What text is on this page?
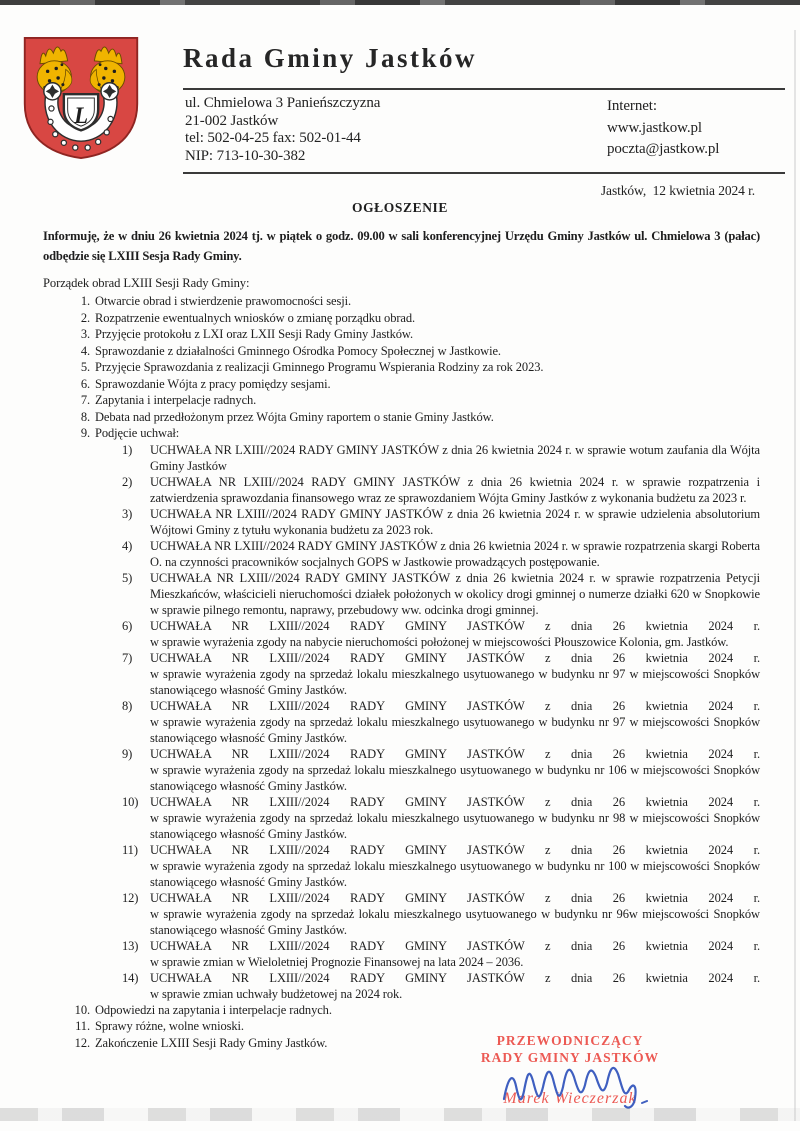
L
Rada Gminy Jastków
ul. Chmielowa 3 Panieńszczyzna
21-002 Jastków
tel: 502-04-25 fax: 502-01-44
NIP: 713-10-30-382
Internet:
www.jastkow.pl
poczta@jastkow.pl
Jastków,  12 kwietnia 2024 r.
OGŁOSZENIE

Informuję, że w dniu 26 kwietnia 2024 tj. w piątek o godz. 09.00 w sali konferencyjnej Urzędu Gminy Jastków ul. Chmielowa 3 (pałac) odbędzie się LXIII Sesja Rady Gminy.

Porządek obrad LXIII Sesji Rady Gminy:

1. Otwarcie obrad i stwierdzenie prawomocności sesji.
2. Rozpatrzenie ewentualnych wniosków o zmianę porządku obrad.
3. Przyjęcie protokołu z LXI oraz LXII Sesji Rady Gminy Jastków.
4. Sprawozdanie z działalności Gminnego Ośrodka Pomocy Społecznej w Jastkowie.
5. Przyjęcie Sprawozdania z realizacji Gminnego Programu Wspierania Rodziny za rok 2023.
6. Sprawozdanie Wójta z pracy pomiędzy sesjami.
7. Zapytania i interpelacje radnych.
8. Debata nad przedłożonym przez Wójta Gminy raportem o stanie Gminy Jastków.
9. Podjęcie uchwał:
1) UCHWAŁA NR LXIII//2024 RADY GMINY JASTKÓW z dnia 26 kwietnia 2024 r. w sprawie wotum zaufania dla Wójta Gminy Jastków

2) UCHWAŁA NR LXIII//2024 RADY GMINY JASTKÓW z dnia 26 kwietnia 2024 r. w sprawie rozpatrzenia i zatwierdzenia sprawozdania finansowego wraz ze sprawozdaniem Wójta Gminy Jastków z wykonania budżetu za 2023 r.

3) UCHWAŁA NR LXIII//2024 RADY GMINY JASTKÓW z dnia 26 kwietnia 2024 r. w sprawie udzielenia absolutorium Wójtowi Gminy z tytułu wykonania budżetu za 2023 rok.

4) UCHWAŁA NR LXIII//2024 RADY GMINY JASTKÓW z dnia 26 kwietnia 2024 r. w sprawie rozpatrzenia skargi Roberta O. na czynności pracowników socjalnych GOPS w Jastkowie prowadzących postępowanie.

5) UCHWAŁA NR LXIII//2024 RADY GMINY JASTKÓW z dnia 26 kwietnia 2024 r. w sprawie rozpatrzenia Petycji Mieszkańców, właścicieli nieruchomości działek położonych w okolicy drogi gminnej o numerze działki 620 w Snopkowie w sprawie pilnego remontu, naprawy, przebudowy ww. odcinka drogi gminnej.

6) UCHWAŁA NR LXIII//2024 RADY GMINY JASTKÓW z dnia 26 kwietnia 2024 r.

w sprawie wyrażenia zgody na nabycie nieruchomości położonej w miejscowości Płouszowice Kolonia, gm. Jastków.

7) UCHWAŁA NR LXIII//2024 RADY GMINY JASTKÓW z dnia 26 kwietnia 2024 r.

w sprawie wyrażenia zgody na sprzedaż lokalu mieszkalnego usytuowanego w budynku nr 97 w miejscowości Snopków stanowiącego własność Gminy Jastków.

8) UCHWAŁA NR LXIII//2024 RADY GMINY JASTKÓW z dnia 26 kwietnia 2024 r.

w sprawie wyrażenia zgody na sprzedaż lokalu mieszkalnego usytuowanego w budynku nr 97 w miejscowości Snopków stanowiącego własność Gminy Jastków.

9) UCHWAŁA NR LXIII//2024 RADY GMINY JASTKÓW z dnia 26 kwietnia 2024 r.

w sprawie wyrażenia zgody na sprzedaż lokalu mieszkalnego usytuowanego w budynku nr 106 w miejscowości Snopków stanowiącego własność Gminy Jastków.

10) UCHWAŁA NR LXIII//2024 RADY GMINY JASTKÓW z dnia 26 kwietnia 2024 r.

w sprawie wyrażenia zgody na sprzedaż lokalu mieszkalnego usytuowanego w budynku nr 98 w miejscowości Snopków stanowiącego własność Gminy Jastków.

11) UCHWAŁA NR LXIII//2024 RADY GMINY JASTKÓW z dnia 26 kwietnia 2024 r.

w sprawie wyrażenia zgody na sprzedaż lokalu mieszkalnego usytuowanego w budynku nr 100 w miejscowości Snopków stanowiącego własność Gminy Jastków.

12) UCHWAŁA NR LXIII//2024 RADY GMINY JASTKÓW z dnia 26 kwietnia 2024 r.

w sprawie wyrażenia zgody na sprzedaż lokalu mieszkalnego usytuowanego w budynku nr 96w miejscowości Snopków stanowiącego własność Gminy Jastków.

13) UCHWAŁA NR LXIII//2024 RADY GMINY JASTKÓW z dnia 26 kwietnia 2024 r.

w sprawie zmian w Wieloletniej Prognozie Finansowej na lata 2024 – 2036.

14) UCHWAŁA NR LXIII//2024 RADY GMINY JASTKÓW z dnia 26 kwietnia 2024 r.

w sprawie zmian uchwały budżetowej na 2024 rok.

10. Odpowiedzi na zapytania i interpelacje radnych.
11. Sprawy różne, wolne wnioski.
12. Zakończenie LXIII Sesji Rady Gminy Jastków.	PRZEWODNICZĄCY
RADY GMINY JASTKÓW
Marek Wieczerzak
